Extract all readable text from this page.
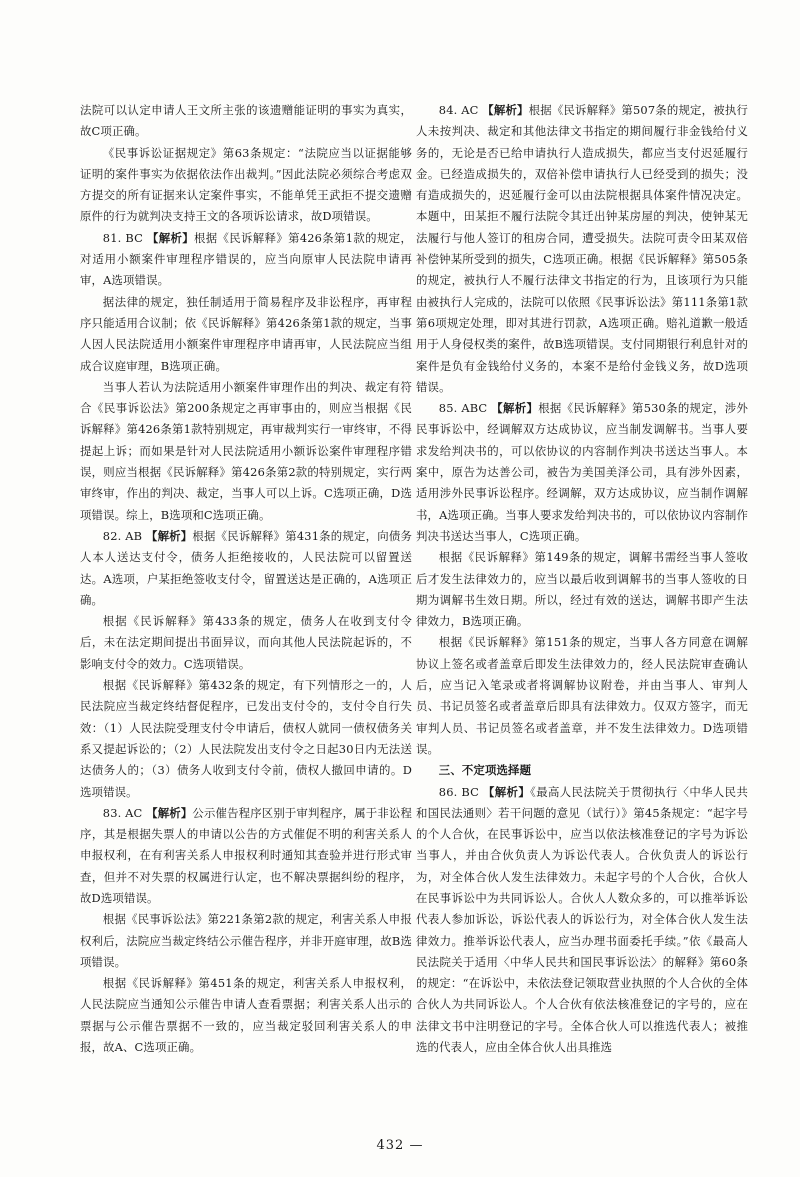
法院可以认定申请人王文所主张的该遗赠能证明的事实为真实，故C项正确。

《民事诉讼证据规定》第63条规定：“法院应当以证据能够证明的案件事实为依据依法作出裁判。”因此法院必须综合考虑双方提交的所有证据来认定案件事实，不能单凭王武拒不提交遗赠原件的行为就判决支持王文的各项诉讼请求，故D项错误。

81. BC 【解析】根据《民诉解释》第426条第1款的规定，对适用小额案件审理程序错误的，应当向原审人民法院申请再审，A选项错误。

据法律的规定，独任制适用于简易程序及非讼程序，再审程序只能适用合议制；依《民诉解释》第426条第1款的规定，当事人因人民法院适用小额案件审理程序申请再审，人民法院应当组成合议庭审理，B选项正确。

当事人若认为法院适用小额案件审理作出的判决、裁定有符合《民事诉讼法》第200条规定之再审事由的，则应当根据《民诉解释》第426条第1款特别规定，再审裁判实行一审终审，不得提起上诉；而如果是针对人民法院适用小额诉讼案件审理程序错误，则应当根据《民诉解释》第426条第2款的特别规定，实行两审终审，作出的判决、裁定，当事人可以上诉。C选项正确，D选项错误。综上，B选项和C选项正确。

82. AB 【解析】根据《民诉解释》第431条的规定，向债务人本人送达支付令，债务人拒绝接收的，人民法院可以留置送达。A选项，户某拒绝签收支付令，留置送达是正确的，A选项正确。

根据《民诉解释》第433条的规定，债务人在收到支付令后，未在法定期间提出书面异议，而向其他人民法院起诉的，不影响支付令的效力。C选项错误。

根据《民诉解释》第432条的规定，有下列情形之一的，人民法院应当裁定终结督促程序，已发出支付令的，支付令自行失效：（1）人民法院受理支付令申请后，债权人就同一债权债务关系又提起诉讼的；（2）人民法院发出支付令之日起30日内无法送达债务人的；（3）债务人收到支付令前，债权人撤回申请的。D选项错误。

83. AC 【解析】公示催告程序区别于审判程序，属于非讼程序，其是根据失票人的申请以公告的方式催促不明的利害关系人申报权利，在有利害关系人申报权利时通知其查验并进行形式审查，但并不对失票的权属进行认定，也不解决票据纠纷的程序，故D选项错误。

根据《民事诉讼法》第221条第2款的规定，利害关系人申报权利后，法院应当裁定终结公示催告程序，并非开庭审理，故B选项错误。

根据《民诉解释》第451条的规定，利害关系人申报权利，人民法院应当通知公示催告申请人查看票据；利害关系人出示的票据与公示催告票据不一致的，应当裁定驳回利害关系人的申报，故A、C选项正确。

84. AC 【解析】根据《民诉解释》第507条的规定，被执行人未按判决、裁定和其他法律文书指定的期间履行非金钱给付义务的，无论是否已给申请执行人造成损失，都应当支付迟延履行金。已经造成损失的，双倍补偿申请执行人已经受到的损失；没有造成损失的，迟延履行金可以由法院根据具体案件情况决定。本题中，田某拒不履行法院令其迁出钟某房屋的判决，使钟某无法履行与他人签订的租房合同，遭受损失。法院可责令田某双倍补偿钟某所受到的损失，C选项正确。根据《民诉解释》第505条的规定，被执行人不履行法律文书指定的行为，且该项行为只能由被执行人完成的，法院可以依照《民事诉讼法》第111条第1款第6项规定处理，即对其进行罚款，A选项正确。赔礼道歉一般适用于人身侵权类的案件，故B选项错误。支付同期银行利息针对的案件是负有金钱给付义务的，本案不是给付金钱义务，故D选项错误。

85. ABC 【解析】根据《民诉解释》第530条的规定，涉外民事诉讼中，经调解双方达成协议，应当制发调解书。当事人要求发给判决书的，可以依协议的内容制作判决书送达当事人。本案中，原告为达善公司，被告为美国美泽公司，具有涉外因素，适用涉外民事诉讼程序。经调解，双方达成协议，应当制作调解书，A选项正确。当事人要求发给判决书的，可以依协议内容制作判决书送达当事人，C选项正确。

根据《民诉解释》第149条的规定，调解书需经当事人签收后才发生法律效力的，应当以最后收到调解书的当事人签收的日期为调解书生效日期。所以，经过有效的送达，调解书即产生法律效力，B选项正确。

根据《民诉解释》第151条的规定，当事人各方同意在调解协议上签名或者盖章后即发生法律效力的，经人民法院审查确认后，应当记入笔录或者将调解协议附卷，并由当事人、审判人员、书记员签名或者盖章后即具有法律效力。仅双方签字，而无审判人员、书记员签名或者盖章，并不发生法律效力。D选项错误。

三、不定项选择题

86. BC 【解析】《最高人民法院关于贯彻执行〈中华人民共和国民法通则〉若干问题的意见（试行）》第45条规定：“起字号的个人合伙，在民事诉讼中，应当以依法核准登记的字号为诉讼当事人，并由合伙负责人为诉讼代表人。合伙负责人的诉讼行为，对全体合伙人发生法律效力。未起字号的个人合伙，合伙人在民事诉讼中为共同诉讼人。合伙人人数众多的，可以推举诉讼代表人参加诉讼，诉讼代表人的诉讼行为，对全体合伙人发生法律效力。推举诉讼代表人，应当办理书面委托手续。”依《最高人民法院关于适用〈中华人民共和国民事诉讼法〉的解释》第60条的规定：“在诉讼中，未依法登记领取营业执照的个人合伙的全体合伙人为共同诉讼人。个人合伙有依法核准登记的字号的，应在法律文书中注明登记的字号。全体合伙人可以推选代表人；被推选的代表人，应由全体合伙人出具推选

432 —
